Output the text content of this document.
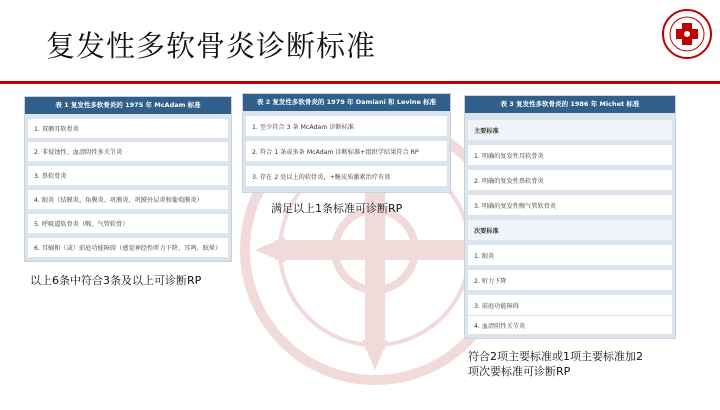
复发性多软骨炎诊断标准
表 1 复发性多软骨炎的 1975 年 McAdam 标准
1. 双侧耳软骨炎
2. 非侵蚀性、血清阴性多关节炎
3. 鼻软骨炎
4. 眼炎（结膜炎、角膜炎、巩膜炎、巩膜外层炎和葡萄膜炎）
5. 呼吸道软骨炎（喉、气管软骨）
6. 耳蜗和（或）前庭功能障碍（感觉神经性听力下降、耳鸣、眩晕）
以上6条中符合3条及以上可诊断RP
表 2 复发性多软骨炎的 1979 年 Damiani 和 Levine 标准
1. 至少符合 3 条 McAdam 诊断标准
2. 符合 1 条或多条 McAdam 诊断标准+组织学结果符合 RP
3. 存在 2 处以上的软骨炎，+糖皮质激素治疗有效
满足以上1条标准可诊断RP
表 3 复发性多软骨炎的 1986 年 Michet 标准
主要标准
1. 明确的复发性耳软骨炎
2. 明确的复发性鼻软骨炎
3. 明确的复发性喉气管软骨炎
次要标准
1. 眼炎
2. 听力下降
3. 前庭功能障碍
4. 血清阴性关节炎
符合2项主要标准或1项主要标准加2
项次要标准可诊断RP
